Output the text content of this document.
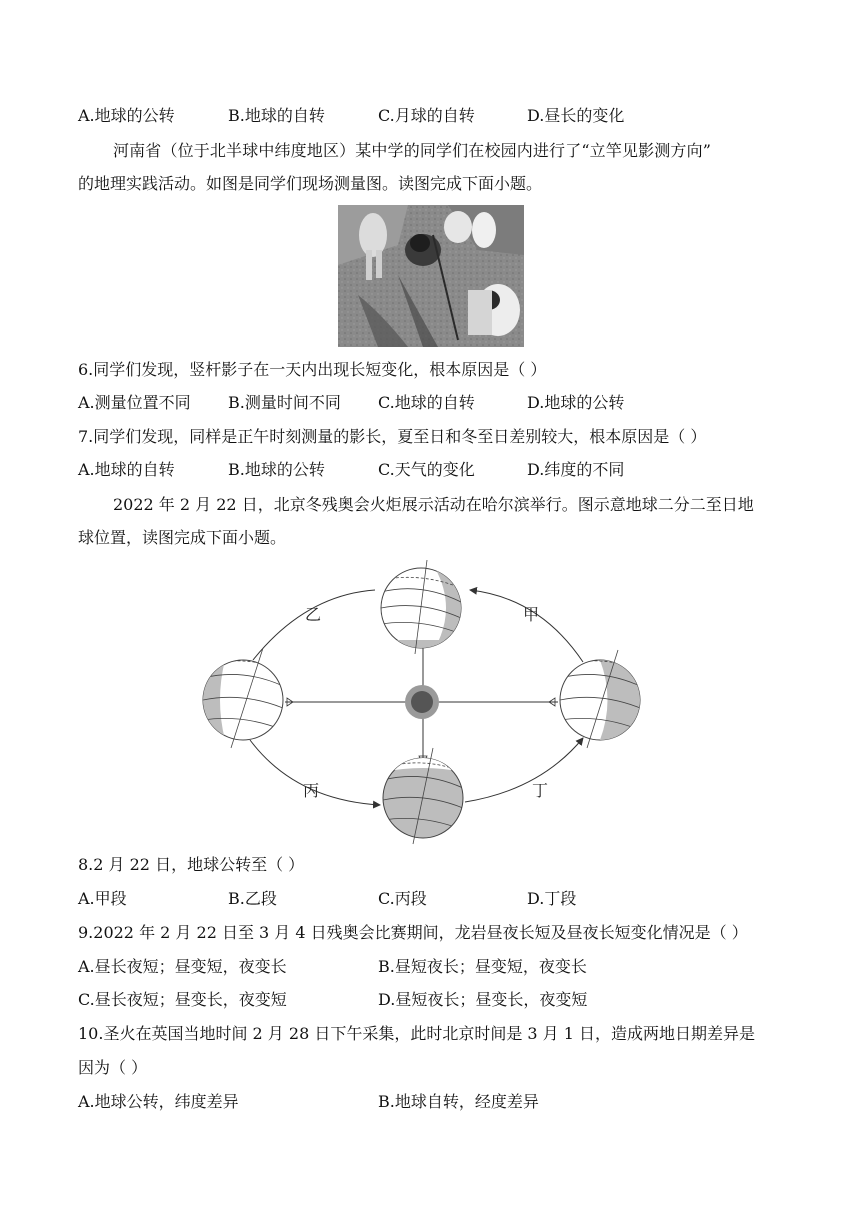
A.地球的公转	B.地球的自转	C.月球的自转	D.昼长的变化
河南省（位于北半球中纬度地区）某中学的同学们在校园内进行了“立竿见影测方向”
的地理实践活动。如图是同学们现场测量图。读图完成下面小题。
6.同学们发现，竖杆影子在一天内出现长短变化，根本原因是（ ）
A.测量位置不同 B.测量时间不同 C.地球的自转	D.地球的公转
7.同学们发现，同样是正午时刻测量的影长，夏至日和冬至日差别较大，根本原因是（ ）
A.地球的自转	B.地球的公转	C.天气的变化	D.纬度的不同
2022 年 2 月 22 日，北京冬残奥会火炬展示活动在哈尔滨举行。图示意地球二分二至日地
球位置，读图完成下面小题。
乙	甲
丙	丁
8.2 月 22 日，地球公转至（ ）
A.甲段	B.乙段	C.丙段	D.丁段
9.2022 年 2 月 22 日至 3 月 4 日残奥会比赛期间，龙岩昼夜长短及昼夜长短变化情况是（ ）
A.昼长夜短；昼变短，夜变长	B.昼短夜长；昼变短，夜变长
C.昼长夜短；昼变长，夜变短	D.昼短夜长；昼变长，夜变短
10.圣火在英国当地时间 2 月 28 日下午采集，此时北京时间是 3 月 1 日，造成两地日期差异是
因为（ ）
A.地球公转，纬度差异	B.地球自转，经度差异
